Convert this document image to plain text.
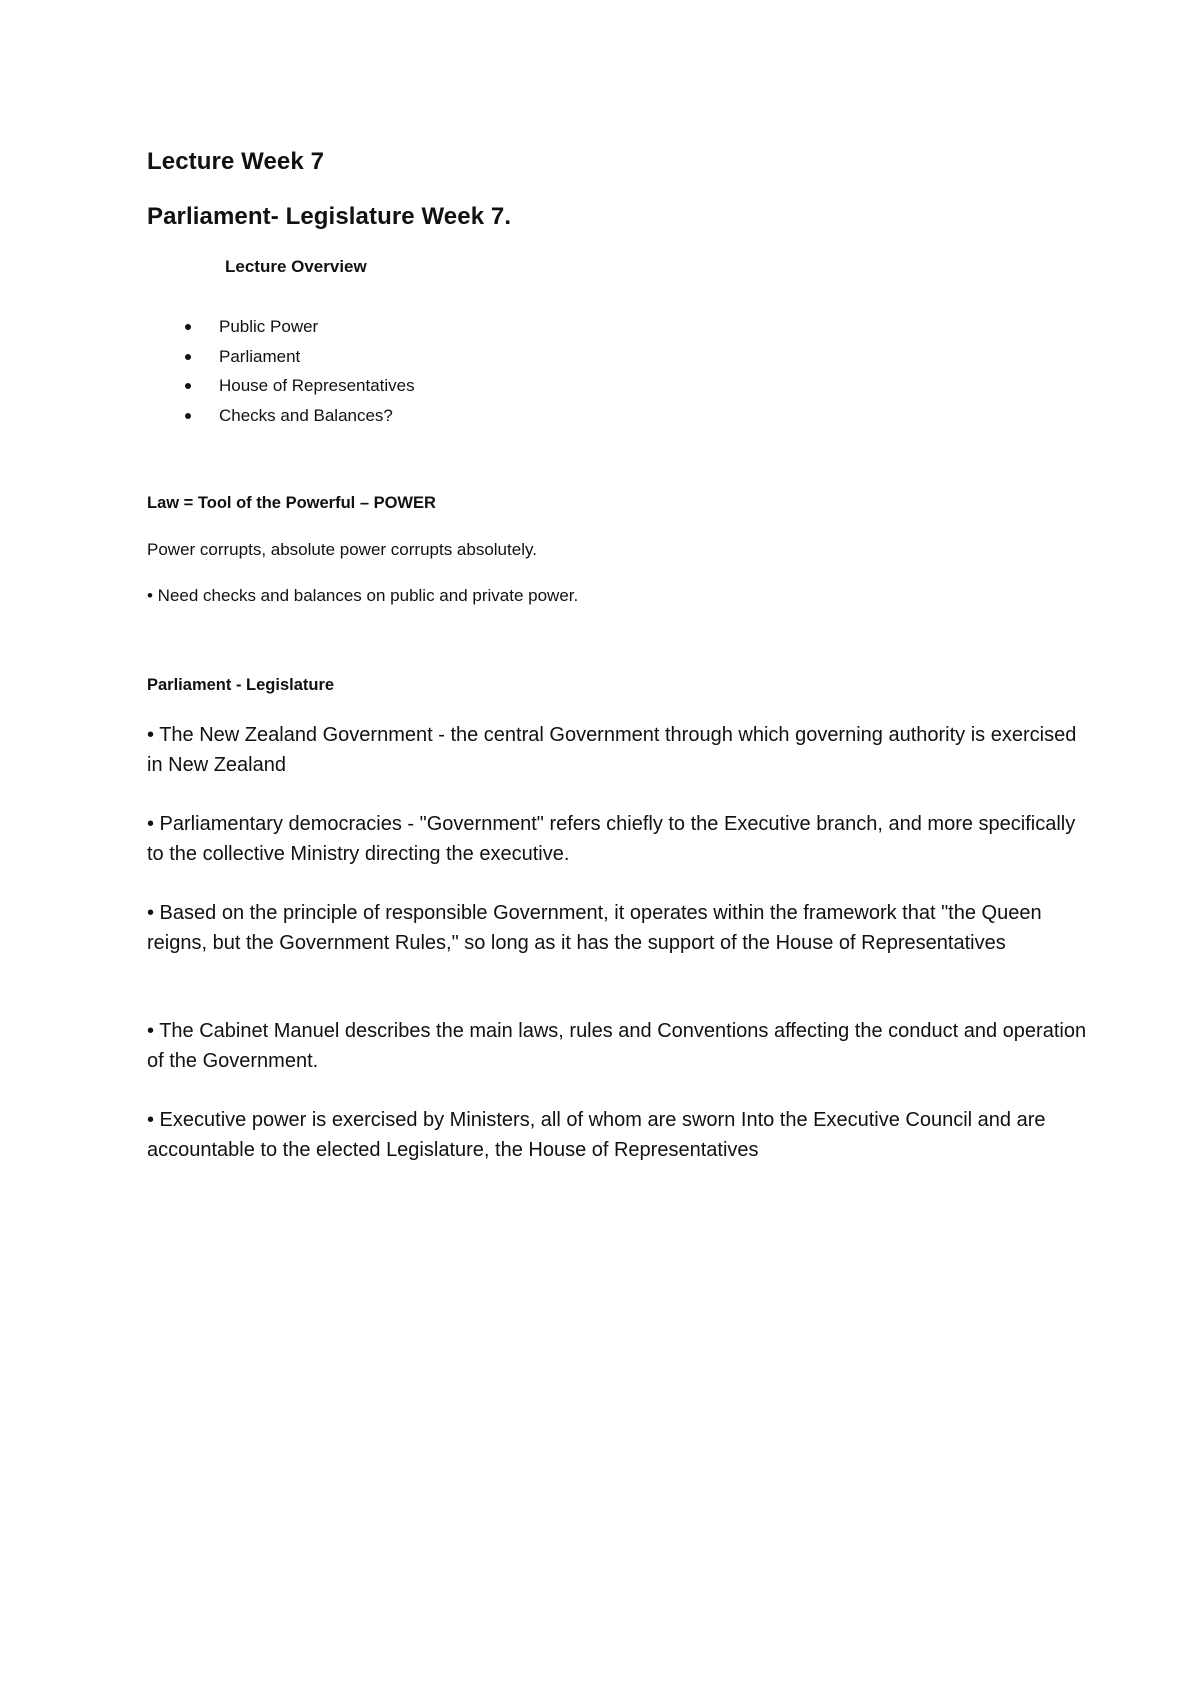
Lecture Week 7

Parliament- Legislature Week 7.

Lecture Overview

Public Power
Parliament
House of Representatives
Checks and Balances?

Law = Tool of the Powerful – POWER

Power corrupts, absolute power corrupts absolutely.

• Need checks and balances on public and private power.

Parliament - Legislature

• The New Zealand Government - the central Government through which governing authority is exercised in New Zealand

• Parliamentary democracies - "Government" refers chiefly to the Executive branch, and more specifically to the collective Ministry directing the executive.

• Based on the principle of responsible Government, it operates within the framework that "the Queen reigns, but the Government Rules," so long as it has the support of the House of Representatives

• The Cabinet Manuel describes the main laws, rules and Conventions affecting the conduct and operation of the Government.

• Executive power is exercised by Ministers, all of whom are sworn Into the Executive Council and are accountable to the elected Legislature, the House of Representatives
